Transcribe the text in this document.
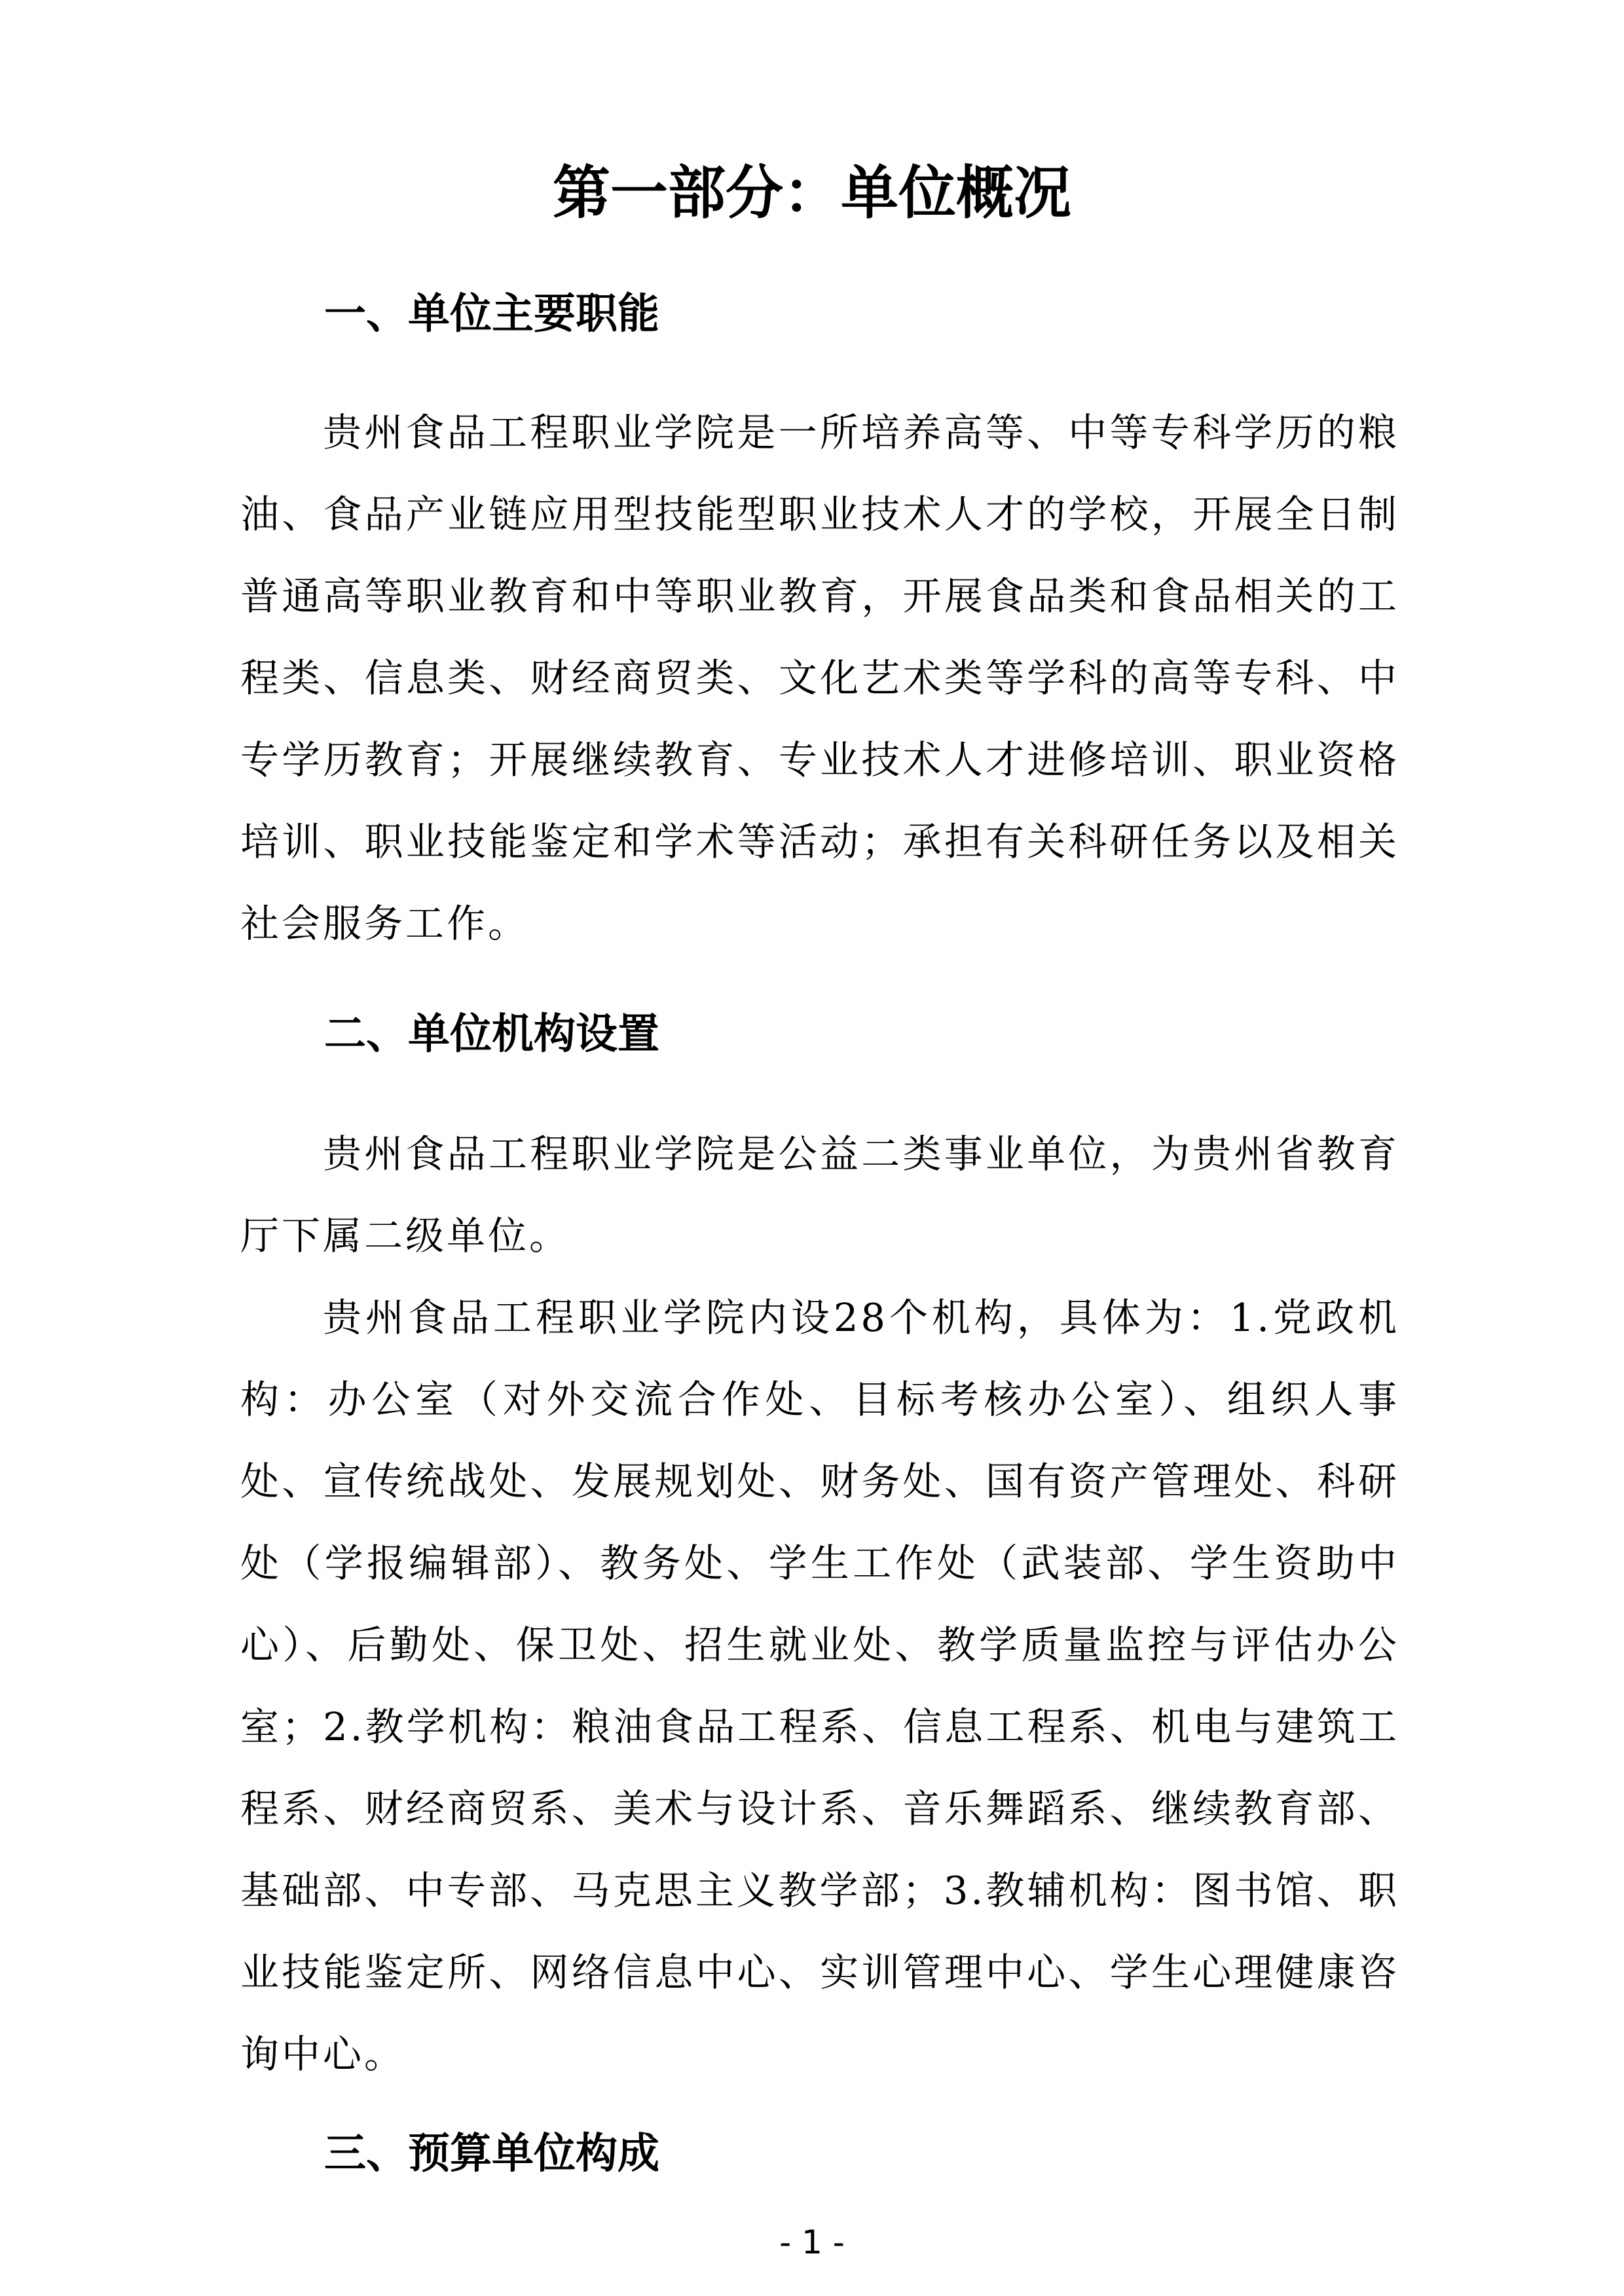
第一部分：单位概况
一、单位主要职能

贵州食品工程职业学院是一所培养高等、中等专科学历的粮油、食品产业链应用型技能型职业技术人才的学校，开展全日制普通高等职业教育和中等职业教育，开展食品类和食品相关的工程类、信息类、财经商贸类、文化艺术类等学科的高等专科、中专学历教育；开展继续教育、专业技术人才进修培训、职业资格培训、职业技能鉴定和学术等活动；承担有关科研任务以及相关社会服务工作。

二、单位机构设置

贵州食品工程职业学院是公益二类事业单位，为贵州省教育厅下属二级单位。

贵州食品工程职业学院内设28个机构，具体为：1.党政机构：办公室（对外交流合作处、目标考核办公室）、组织人事处、宣传统战处、发展规划处、财务处、国有资产管理处、科研处（学报编辑部）、教务处、学生工作处（武装部、学生资助中心）、后勤处、保卫处、招生就业处、教学质量监控与评估办公室；2.教学机构：粮油食品工程系、信息工程系、机电与建筑工程系、财经商贸系、美术与设计系、音乐舞蹈系、继续教育部、基础部、中专部、马克思主义教学部；3.教辅机构：图书馆、职业技能鉴定所、网络信息中心、实训管理中心、学生心理健康咨询中心。

三、预算单位构成
- 1 -
